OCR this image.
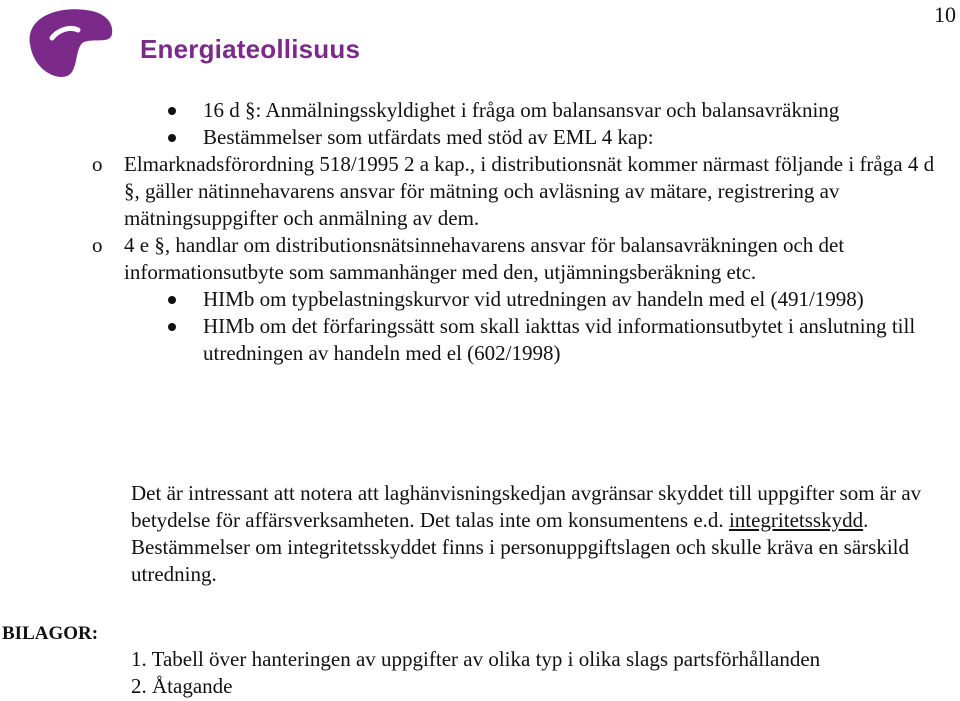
10
Energiateollisuus
16 d §: Anmälningsskyldighet i fråga om balansansvar och balansavräkning
Bestämmelser som utfärdats med stöd av EML 4 kap:
o Elmarknadsförordning 518/1995 2 a kap., i distributionsnät kommer närmast följande i fråga 4 d §, gäller nätinnehavarens ansvar för mätning och avläsning av mätare, registrering av mätningsuppgifter och anmälning av dem.
o 4 e §, handlar om distributionsnätsinnehavarens ansvar för balansavräkningen och det informationsutbyte som sammanhänger med den, utjämningsberäkning etc.
HIMb om typbelastningskurvor vid utredningen av handeln med el (491/1998)
HIMb om det förfaringssätt som skall iakttas vid informationsutbytet i anslutning till utredningen av handeln med el (602/1998)

Det är intressant att notera att laghänvisningskedjan avgränsar skyddet till uppgifter som är av betydelse för affärsverksamheten. Det talas inte om konsumentens e.d. integritetsskydd. Bestämmelser om integritetsskyddet finns i personuppgiftslagen och skulle kräva en särskild utredning.

BILAGOR:
1. Tabell över hanteringen av uppgifter av olika typ i olika slags partsförhållanden
2. Åtagande
